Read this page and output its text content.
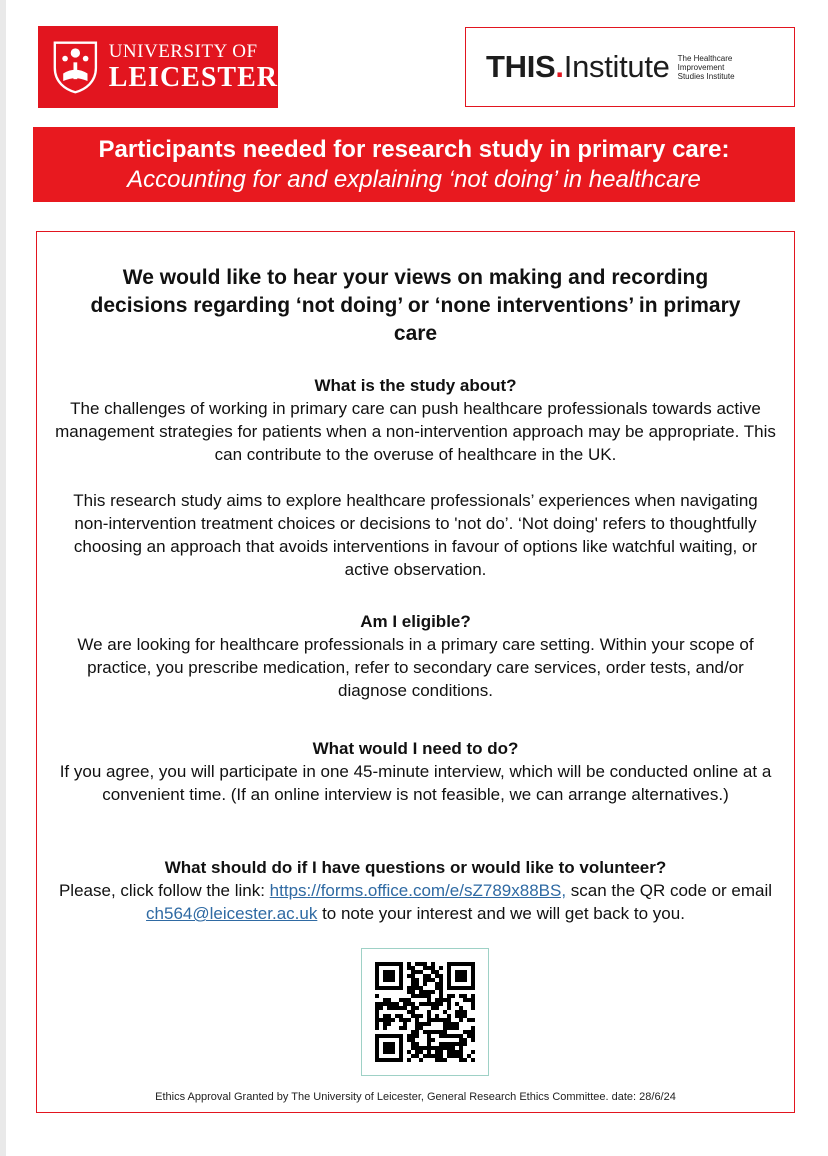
UNIVERSITY OF
LEICESTER	THIS.Institute The Healthcare
Improvement
Studies Institute
Participants needed for research study in primary care:
Accounting for and explaining ‘not doing’ in healthcare
We would like to hear your views on making and recording decisions regarding ‘not doing’ or ‘none interventions’ in primary care
What is the study about?

The challenges of working in primary care can push healthcare professionals towards active management strategies for patients when a non-intervention approach may be appropriate. This can contribute to the overuse of healthcare in the UK.

This research study aims to explore healthcare professionals’ experiences when navigating non-intervention treatment choices or decisions to 'not do’. ‘Not doing' refers to thoughtfully choosing an approach that avoids interventions in favour of options like watchful waiting, or active observation.

Am I eligible?

We are looking for healthcare professionals in a primary care setting. Within your scope of practice, you prescribe medication, refer to secondary care services, order tests, and/or diagnose conditions.

What would I need to do?

If you agree, you will participate in one 45-minute interview, which will be conducted online at a convenient time. (If an online interview is not feasible, we can arrange alternatives.)

What should do if I have questions or would like to volunteer?

Please, click follow the link: https://forms.office.com/e/sZ789x88BS, scan the QR code or email ch564@leicester.ac.uk to note your interest and we will get back to you.

Ethics Approval Granted by The University of Leicester, General Research Ethics Committee. date: 28/6/24
